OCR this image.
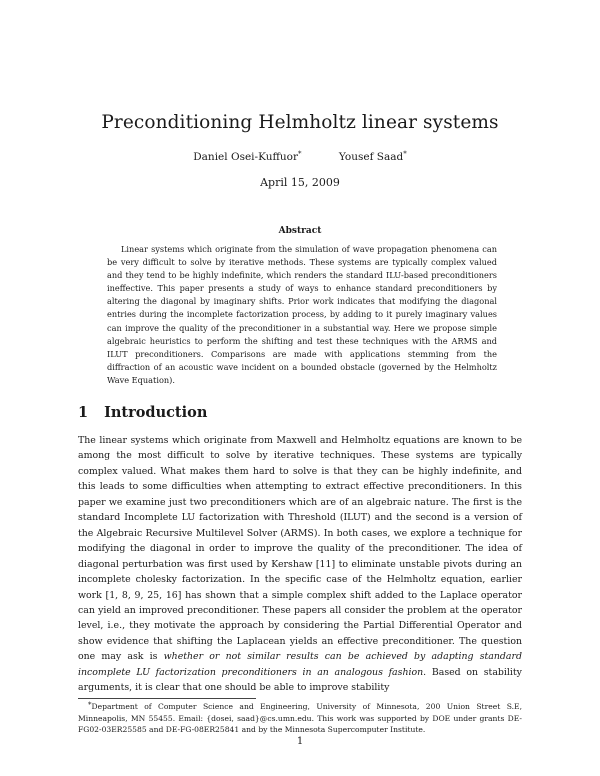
Preconditioning Helmholtz linear systems
Daniel Osei-Kuffuor*	Yousef Saad*
April 15, 2009
Abstract

Linear systems which originate from the simulation of wave propagation phenomena can be very difficult to solve by iterative methods. These systems are typically complex valued and they tend to be highly indefinite, which renders the standard ILU-based preconditioners ineffective. This paper presents a study of ways to enhance standard preconditioners by altering the diagonal by imaginary shifts. Prior work indicates that modifying the diagonal entries during the incomplete factorization process, by adding to it purely imaginary values can improve the quality of the preconditioner in a substantial way. Here we propose simple algebraic heuristics to perform the shifting and test these techniques with the ARMS and ILUT preconditioners. Comparisons are made with applications stemming from the diffraction of an acoustic wave incident on a bounded obstacle (governed by the Helmholtz Wave Equation).

1 Introduction

The linear systems which originate from Maxwell and Helmholtz equations are known to be among the most difficult to solve by iterative techniques. These systems are typically complex valued. What makes them hard to solve is that they can be highly indefinite, and this leads to some difficulties when attempting to extract effective preconditioners. In this paper we examine just two preconditioners which are of an algebraic nature. The first is the standard Incomplete LU factorization with Threshold (ILUT) and the second is a version of the Algebraic Recursive Multilevel Solver (ARMS). In both cases, we explore a technique for modifying the diagonal in order to improve the quality of the preconditioner. The idea of diagonal perturbation was first used by Kershaw [11] to eliminate unstable pivots during an incomplete cholesky factorization. In the specific case of the Helmholtz equation, earlier work [1, 8, 9, 25, 16] has shown that a simple complex shift added to the Laplace operator can yield an improved preconditioner. These papers all consider the problem at the operator level, i.e., they motivate the approach by considering the Partial Differential Operator and show evidence that shifting the Laplacean yields an effective preconditioner. The question one may ask is whether or not similar results can be achieved by adapting standard incomplete LU factorization preconditioners in an analogous fashion. Based on stability arguments, it is clear that one should be able to improve stability

*Department of Computer Science and Engineering, University of Minnesota, 200 Union Street S.E, Minneapolis, MN 55455. Email: {dosei, saad}@cs.umn.edu. This work was supported by DOE under grants DE-FG02-03ER25585 and DE-FG-08ER25841 and by the Minnesota Supercomputer Institute.

1
